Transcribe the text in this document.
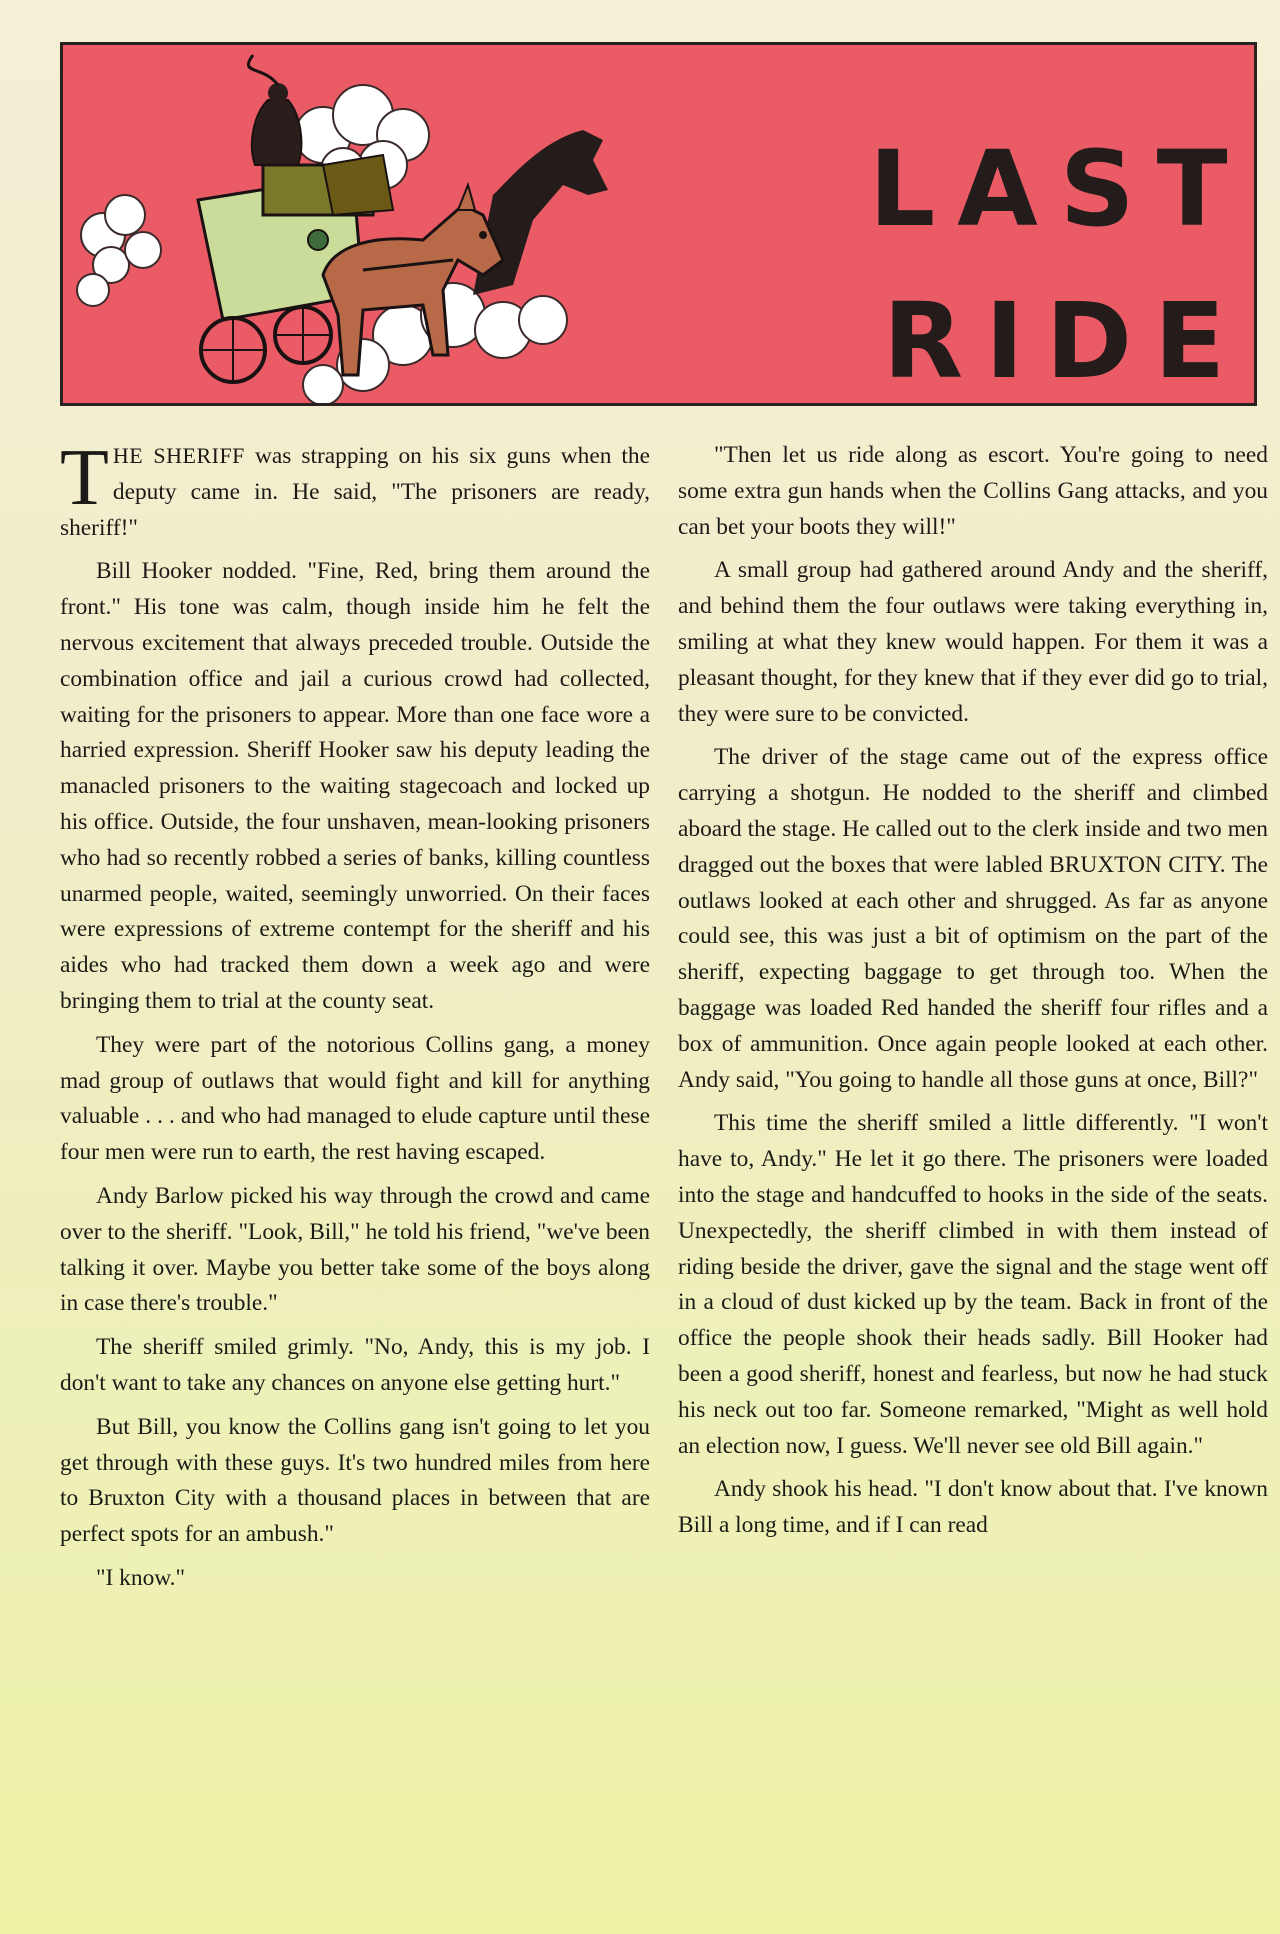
LAST
RIDE

THE SHERIFF was strapping on his six guns when the deputy came in. He said, "The prisoners are ready, sheriff!"

Bill Hooker nodded. "Fine, Red, bring them around the front." His tone was calm, though inside him he felt the nervous excitement that always preceded trouble. Outside the combination office and jail a curious crowd had collected, waiting for the prisoners to appear. More than one face wore a harried expression. Sheriff Hooker saw his deputy leading the manacled prisoners to the waiting stagecoach and locked up his office. Outside, the four unshaven, mean-looking prisoners who had so recently robbed a series of banks, killing countless unarmed people, waited, seemingly unworried. On their faces were expressions of extreme contempt for the sheriff and his aides who had tracked them down a week ago and were bringing them to trial at the county seat.

They were part of the notorious Collins gang, a money mad group of outlaws that would fight and kill for anything valuable . . . and who had managed to elude capture until these four men were run to earth, the rest having escaped.

Andy Barlow picked his way through the crowd and came over to the sheriff. "Look, Bill," he told his friend, "we've been talking it over. Maybe you better take some of the boys along in case there's trouble."

The sheriff smiled grimly. "No, Andy, this is my job. I don't want to take any chances on anyone else getting hurt."

But Bill, you know the Collins gang isn't going to let you get through with these guys. It's two hundred miles from here to Bruxton City with a thousand places in between that are perfect spots for an ambush."

"I know."

"Then let us ride along as escort. You're going to need some extra gun hands when the Collins Gang attacks, and you can bet your boots they will!"

A small group had gathered around Andy and the sheriff, and behind them the four outlaws were taking everything in, smiling at what they knew would happen. For them it was a pleasant thought, for they knew that if they ever did go to trial, they were sure to be convicted.

The driver of the stage came out of the express office carrying a shotgun. He nodded to the sheriff and climbed aboard the stage. He called out to the clerk inside and two men dragged out the boxes that were labled BRUXTON CITY. The outlaws looked at each other and shrugged. As far as anyone could see, this was just a bit of optimism on the part of the sheriff, expecting baggage to get through too. When the baggage was loaded Red handed the sheriff four rifles and a box of ammunition. Once again people looked at each other. Andy said, "You going to handle all those guns at once, Bill?"

This time the sheriff smiled a little differently. "I won't have to, Andy." He let it go there. The prisoners were loaded into the stage and handcuffed to hooks in the side of the seats. Unexpectedly, the sheriff climbed in with them instead of riding beside the driver, gave the signal and the stage went off in a cloud of dust kicked up by the team. Back in front of the office the people shook their heads sadly. Bill Hooker had been a good sheriff, honest and fearless, but now he had stuck his neck out too far. Someone remarked, "Might as well hold an election now, I guess. We'll never see old Bill again."

Andy shook his head. "I don't know about that. I've known Bill a long time, and if I can read
